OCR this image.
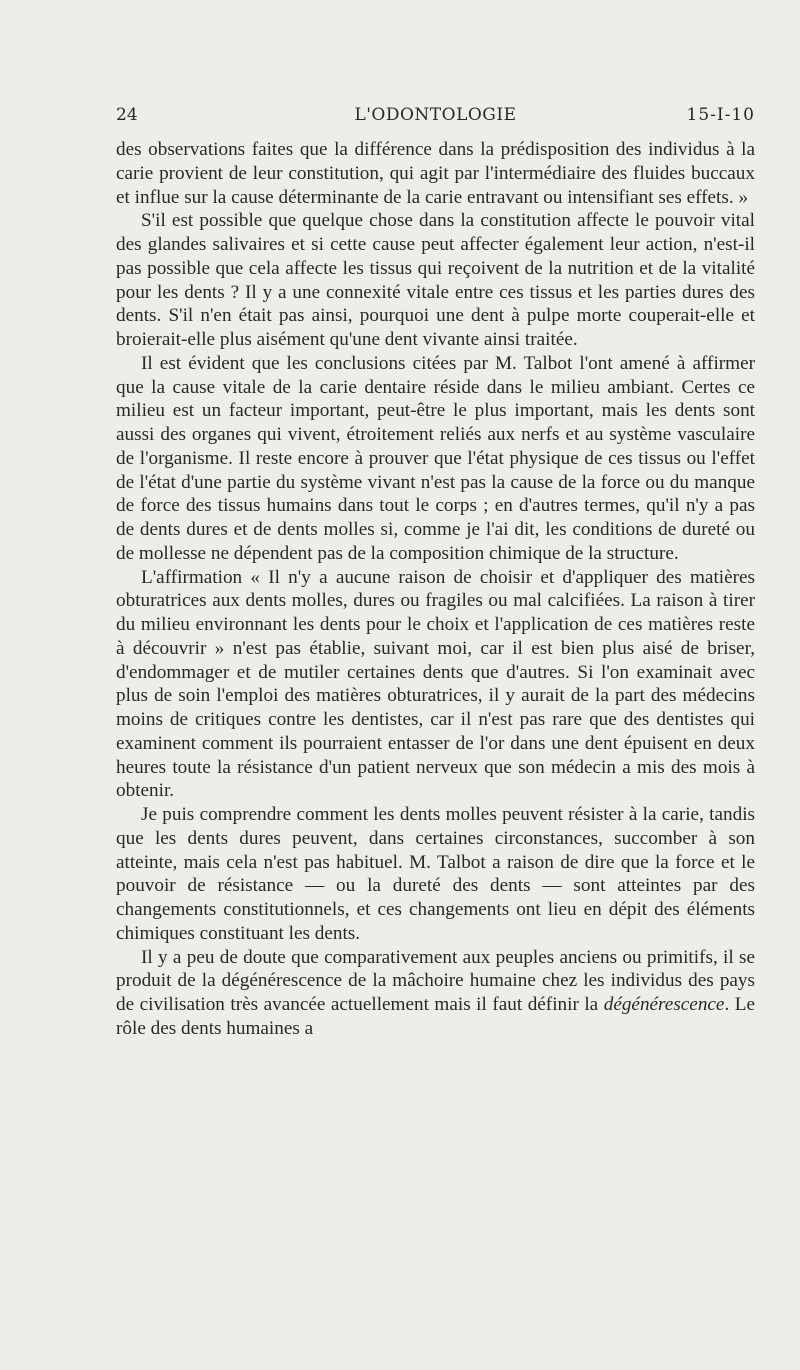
24	L'ODONTOLOGIE	15-I-10

des observations faites que la différence dans la prédisposition des individus à la carie provient de leur constitution, qui agit par l'intermédiaire des fluides buccaux et influe sur la cause déterminante de la carie entravant ou intensifiant ses effets. »

S'il est possible que quelque chose dans la constitution affecte le pouvoir vital des glandes salivaires et si cette cause peut affecter également leur action, n'est-il pas possible que cela affecte les tissus qui reçoivent de la nutrition et de la vitalité pour les dents ? Il y a une connexité vitale entre ces tissus et les parties dures des dents. S'il n'en était pas ainsi, pourquoi une dent à pulpe morte couperait-elle et broierait-elle plus aisément qu'une dent vivante ainsi traitée.

Il est évident que les conclusions citées par M. Talbot l'ont amené à affirmer que la cause vitale de la carie dentaire réside dans le milieu ambiant. Certes ce milieu est un facteur important, peut-être le plus important, mais les dents sont aussi des organes qui vivent, étroitement reliés aux nerfs et au système vasculaire de l'organisme. Il reste encore à prouver que l'état physique de ces tissus ou l'effet de l'état d'une partie du système vivant n'est pas la cause de la force ou du manque de force des tissus humains dans tout le corps ; en d'autres termes, qu'il n'y a pas de dents dures et de dents molles si, comme je l'ai dit, les conditions de dureté ou de mollesse ne dépendent pas de la composition chimique de la structure.

L'affirmation « Il n'y a aucune raison de choisir et d'appliquer des matières obturatrices aux dents molles, dures ou fragiles ou mal calcifiées. La raison à tirer du milieu environnant les dents pour le choix et l'application de ces matières reste à découvrir » n'est pas établie, suivant moi, car il est bien plus aisé de briser, d'endommager et de mutiler certaines dents que d'autres. Si l'on examinait avec plus de soin l'emploi des matières obturatrices, il y aurait de la part des médecins moins de critiques contre les dentistes, car il n'est pas rare que des dentistes qui examinent comment ils pourraient entasser de l'or dans une dent épuisent en deux heures toute la résistance d'un patient nerveux que son médecin a mis des mois à obtenir.

Je puis comprendre comment les dents molles peuvent résister à la carie, tandis que les dents dures peuvent, dans certaines circonstances, succomber à son atteinte, mais cela n'est pas habituel. M. Talbot a raison de dire que la force et le pouvoir de résistance — ou la dureté des dents — sont atteintes par des changements constitutionnels, et ces changements ont lieu en dépit des éléments chimiques constituant les dents.

Il y a peu de doute que comparativement aux peuples anciens ou primitifs, il se produit de la dégénérescence de la mâchoire humaine chez les individus des pays de civilisation très avancée actuellement mais il faut définir la dégénérescence. Le rôle des dents humaines a
